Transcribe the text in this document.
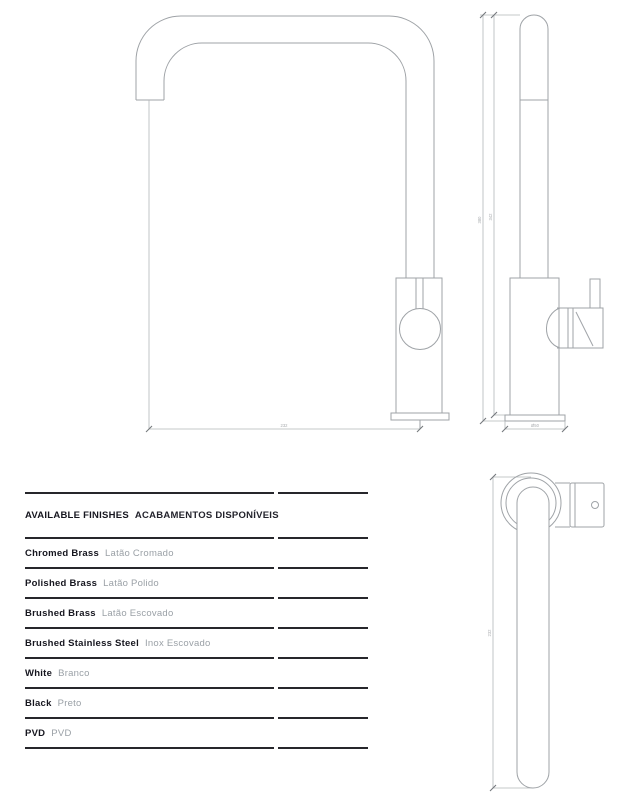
232
380 342
Ø50
232
AVAILABLE FINISHES ACABAMENTOS DISPONÍVEIS
Chromed Brass Latão Cromado
Polished Brass Latão Polido
Brushed Brass Latão Escovado
Brushed Stainless Steel Inox Escovado
White Branco
Black Preto
PVD PVD
